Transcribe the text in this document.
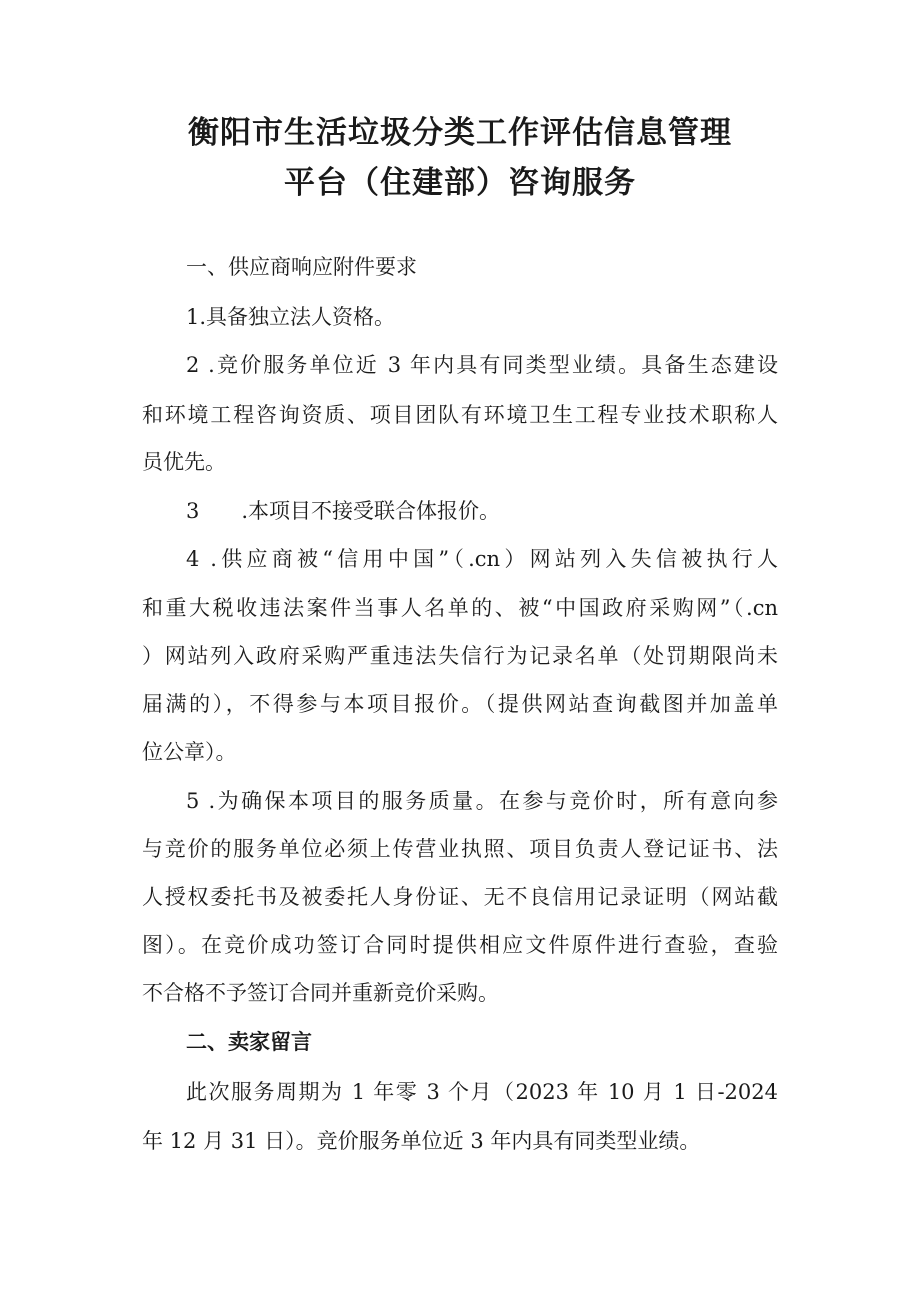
衡阳市生活垃圾分类工作评估信息管理
平台（住建部）咨询服务

一、供应商响应附件要求

1.具备独立法人资格。

2 .竞价服务单位近 3 年内具有同类型业绩。具备生态建设

和环境工程咨询资质、项目团队有环境卫生工程专业技术职称人

员优先。

3　　.本项目不接受联合体报价。

4 .供应商被“信用中国”（.cn）网站列入失信被执行人

和重大税收违法案件当事人名单的、被“中国政府采购网”（.cn

）网站列入政府采购严重违法失信行为记录名单（处罚期限尚未

届满的），不得参与本项目报价。（提供网站查询截图并加盖单

位公章）。

5 .为确保本项目的服务质量。在参与竞价时，所有意向参

与竞价的服务单位必须上传营业执照、项目负责人登记证书、法

人授权委托书及被委托人身份证、无不良信用记录证明（网站截

图）。在竞价成功签订合同时提供相应文件原件进行查验，查验

不合格不予签订合同并重新竞价采购。

二、卖家留言

此次服务周期为 1 年零 3 个月（2023 年 10 月 1 日-2024

年 12 月 31 日）。竞价服务单位近 3 年内具有同类型业绩。
